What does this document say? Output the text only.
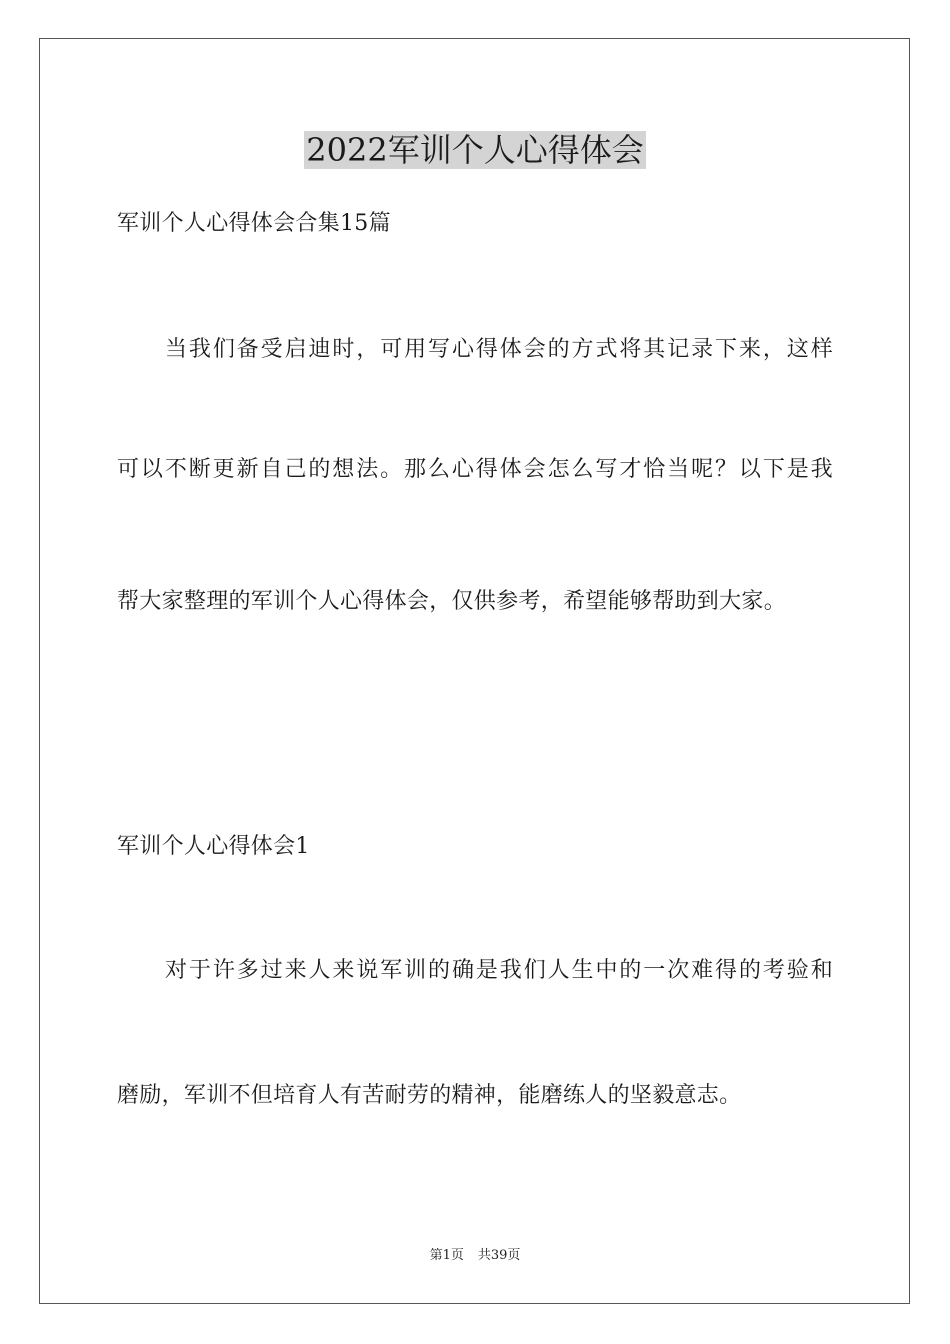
2022军训个人心得体会
军训个人心得体会合集15篇
当我们备受启迪时，可用写心得体会的方式将其记录下来，这样
可以不断更新自己的想法。那么心得体会怎么写才恰当呢？以下是我
帮大家整理的军训个人心得体会，仅供参考，希望能够帮助到大家。
军训个人心得体会1
对于许多过来人来说军训的确是我们人生中的一次难得的考验和
磨励，军训不但培育人有苦耐劳的精神，能磨练人的坚毅意志。
第1页 共39页
